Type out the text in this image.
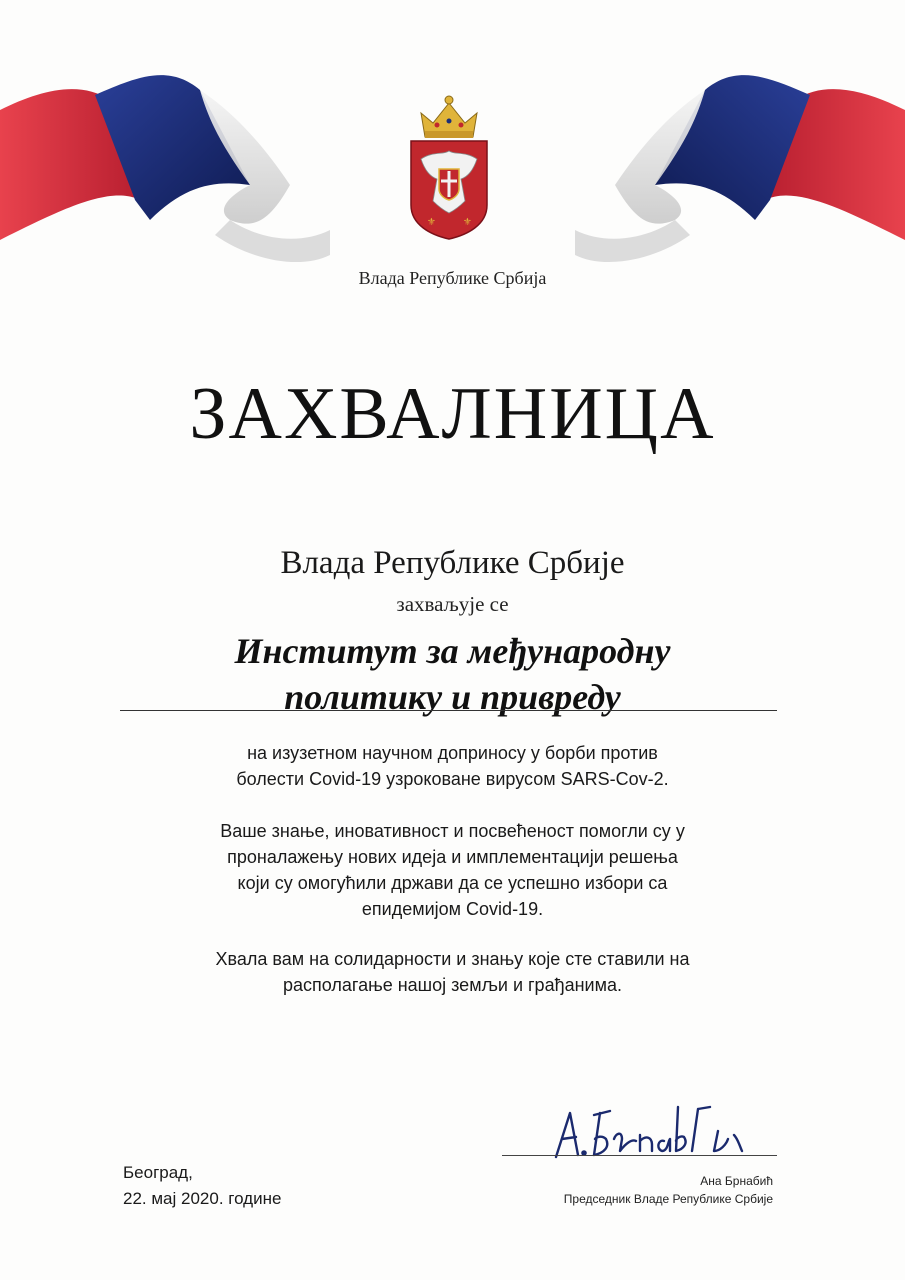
⚜	⚜
Влада Републике Србија
ЗАХВАЛНИЦА
Влада Републике Србије
захваљује се
Институт за међународну
политику и привреду
на изузетном научном доприносу у борби против
болести Covid-19 узроковане вирусом SARS-Cov-2.
Ваше знање, иновативност и посвећеност помогли су у
проналажењу нових идеја и имплементацији решења
који су омогућили држави да се успешно избори са
епидемијом Covid-19.
Хвала вам на солидарности и знању које сте ставили на
располагање нашој земљи и грађанима.
Београд,
22. мај 2020. године
Ана Брнабић
Председник Владе Републике Србије
